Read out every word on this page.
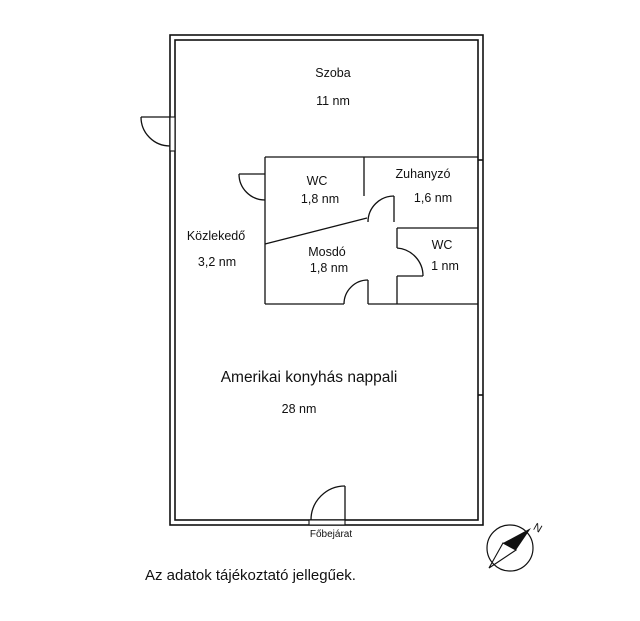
Szoba
11 nm
WC
1,8 nm
Zuhanyzó
1,6 nm
Közlekedő
3,2 nm
Mosdó
1,8 nm
WC
1 nm
Amerikai konyhás nappali
28 nm
Főbejárat	N
Az adatok tájékoztató jellegűek.
